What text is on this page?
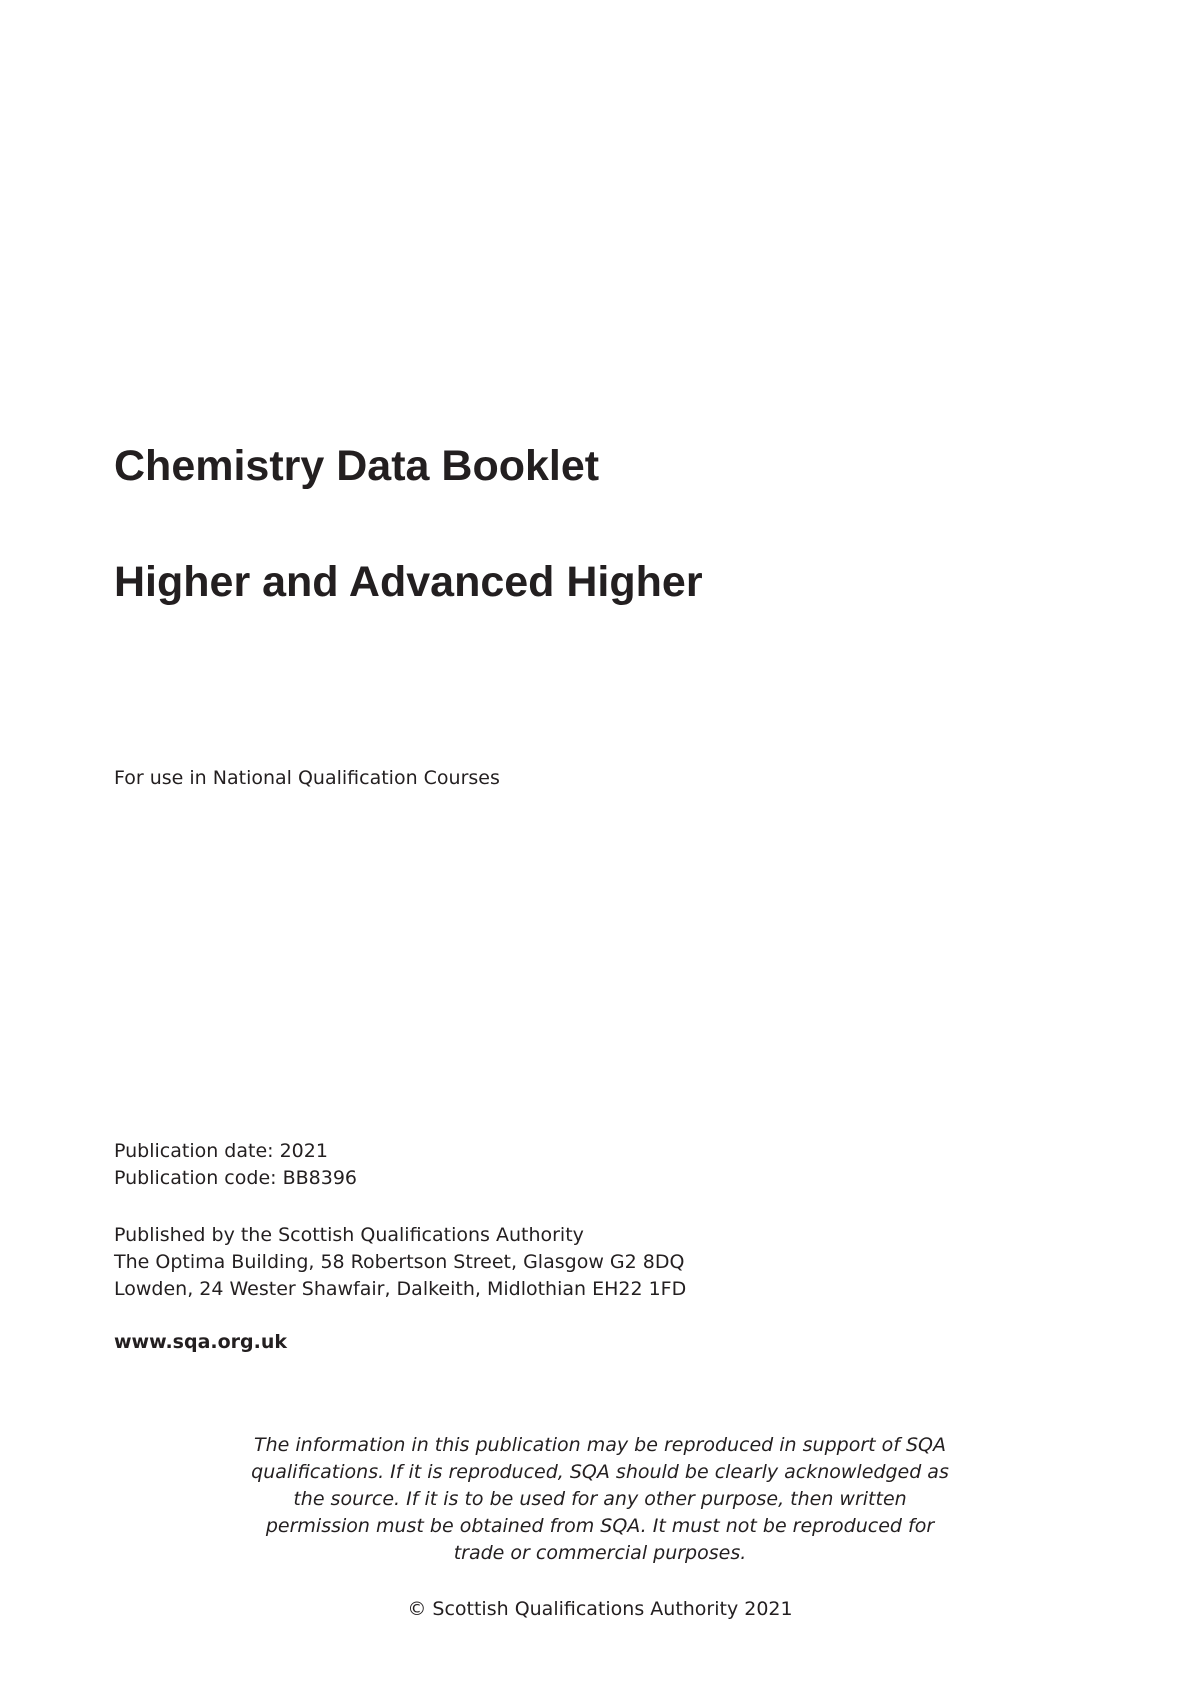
Chemistry Data Booklet
Higher and Advanced Higher
For use in National Qualification Courses
Publication date: 2021
Publication code: BB8396
Published by the Scottish Qualifications Authority
The Optima Building, 58 Robertson Street, Glasgow G2 8DQ
Lowden, 24 Wester Shawfair, Dalkeith, Midlothian EH22 1FD
www.sqa.org.uk
The information in this publication may be reproduced in support of SQA
qualifications. If it is reproduced, SQA should be clearly acknowledged as
the source. If it is to be used for any other purpose, then written
permission must be obtained from SQA. It must not be reproduced for
trade or commercial purposes.
© Scottish Qualifications Authority 2021
